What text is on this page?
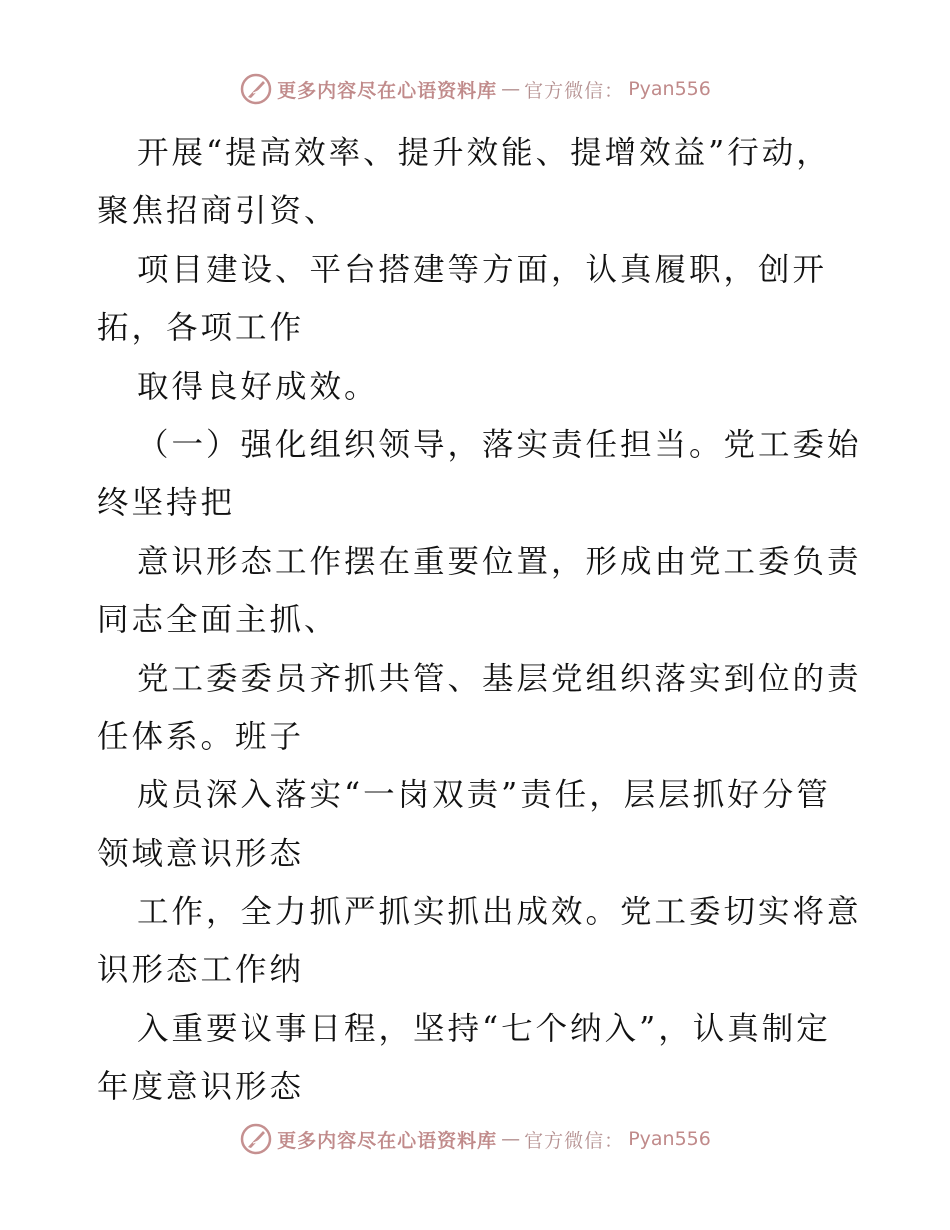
更多内容尽在心语资料库 — 官方微信： Pyan556
开展“提高效率、提升效能、提增效益”行动，
聚焦招商引资、
项目建设、平台搭建等方面，认真履职，创开
拓，各项工作
取得良好成效。
（一）强化组织领导，落实责任担当。党工委始
终坚持把
意识形态工作摆在重要位置，形成由党工委负责
同志全面主抓、
党工委委员齐抓共管、基层党组织落实到位的责
任体系。班子
成员深入落实“一岗双责”责任，层层抓好分管
领域意识形态
工作，全力抓严抓实抓出成效。党工委切实将意
识形态工作纳
入重要议事日程，坚持“七个纳入”，认真制定
年度意识形态
更多内容尽在心语资料库 — 官方微信： Pyan556
